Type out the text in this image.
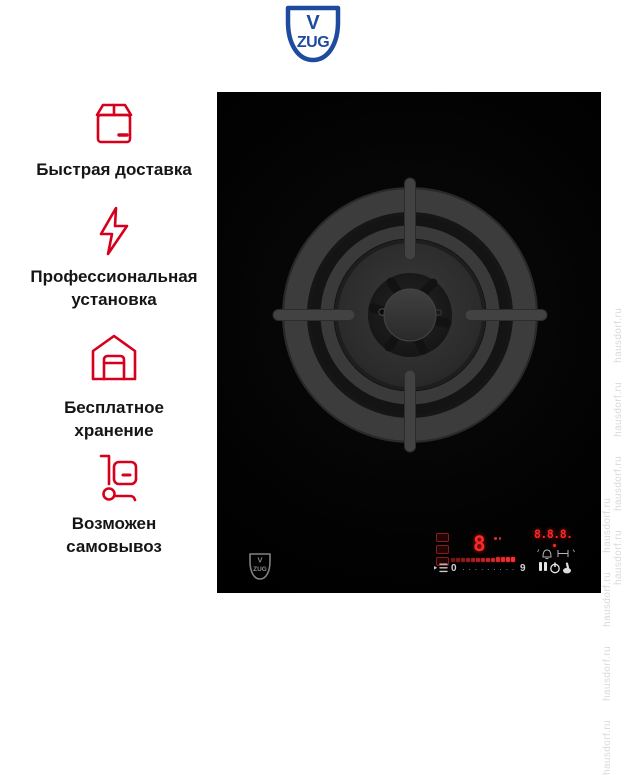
V
ZUG
Быстрая доставка
Профессиональная установка
Бесплатное хранение
Возможен самовывоз
V
ZUG
8
0 ········· 9
8.8.8.	hausdorf.ru      hausdorf.ru      hausdorf.ru      hausdorf.ru
hausdorf.ru      hausdorf.ru      hausdorf.ru      hausdorf.ru
